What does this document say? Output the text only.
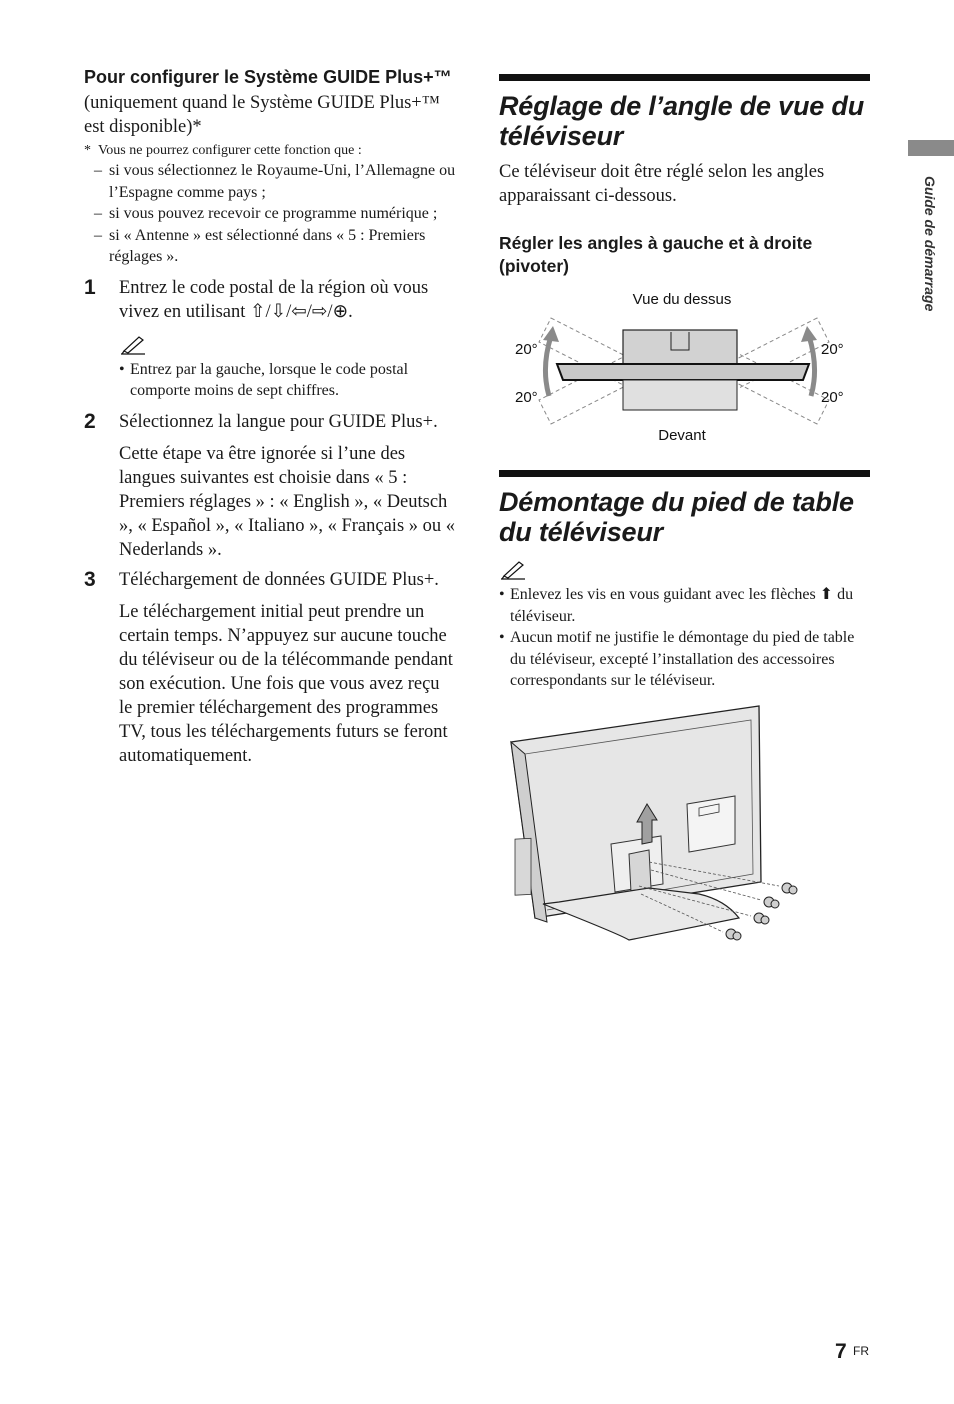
Guide de démarrage
Pour configurer le Système GUIDE Plus+™
(uniquement quand le Système GUIDE Plus+™ est disponible)*
* Vous ne pourrez configurer cette fonction que :
– si vous sélectionnez le Royaume-Uni, l’Allemagne ou l’Espagne comme pays ;
– si vous pouvez recevoir ce programme numérique ;
– si « Antenne » est sélectionné dans « 5 : Premiers réglages ».
1	Entrez le code postal de la région où vous vivez en utilisant ⇧/⇩/⇦/⇨/⊕.
• Entrez par la gauche, lorsque le code postal comporte moins de sept chiffres.
2	Sélectionnez la langue pour GUIDE Plus+.
Cette étape va être ignorée si l’une des langues suivantes est choisie dans « 5 : Premiers réglages » : « English », « Deutsch », « Español », « Italiano », « Français » ou « Nederlands ».
3	Téléchargement de données GUIDE Plus+.
Le téléchargement initial peut prendre un certain temps. N’appuyez sur aucune touche du téléviseur ou de la télécommande pendant son exécution. Une fois que vous avez reçu le premier téléchargement des programmes TV, tous les téléchargements futurs se feront automatiquement.
Réglage de l’angle de vue du téléviseur
Ce téléviseur doit être réglé selon les angles apparaissant ci-dessous.
Régler les angles à gauche et à droite (pivoter)
Vue du dessus
20°
20°
20°
20°
Devant
Démontage du pied de table du téléviseur
• Enlevez les vis en vous guidant avec les flèches ⬆ du téléviseur.
• Aucun motif ne justifie le démontage du pied de table du téléviseur, excepté l’installation des accessoires correspondants sur le téléviseur.
7 FR
